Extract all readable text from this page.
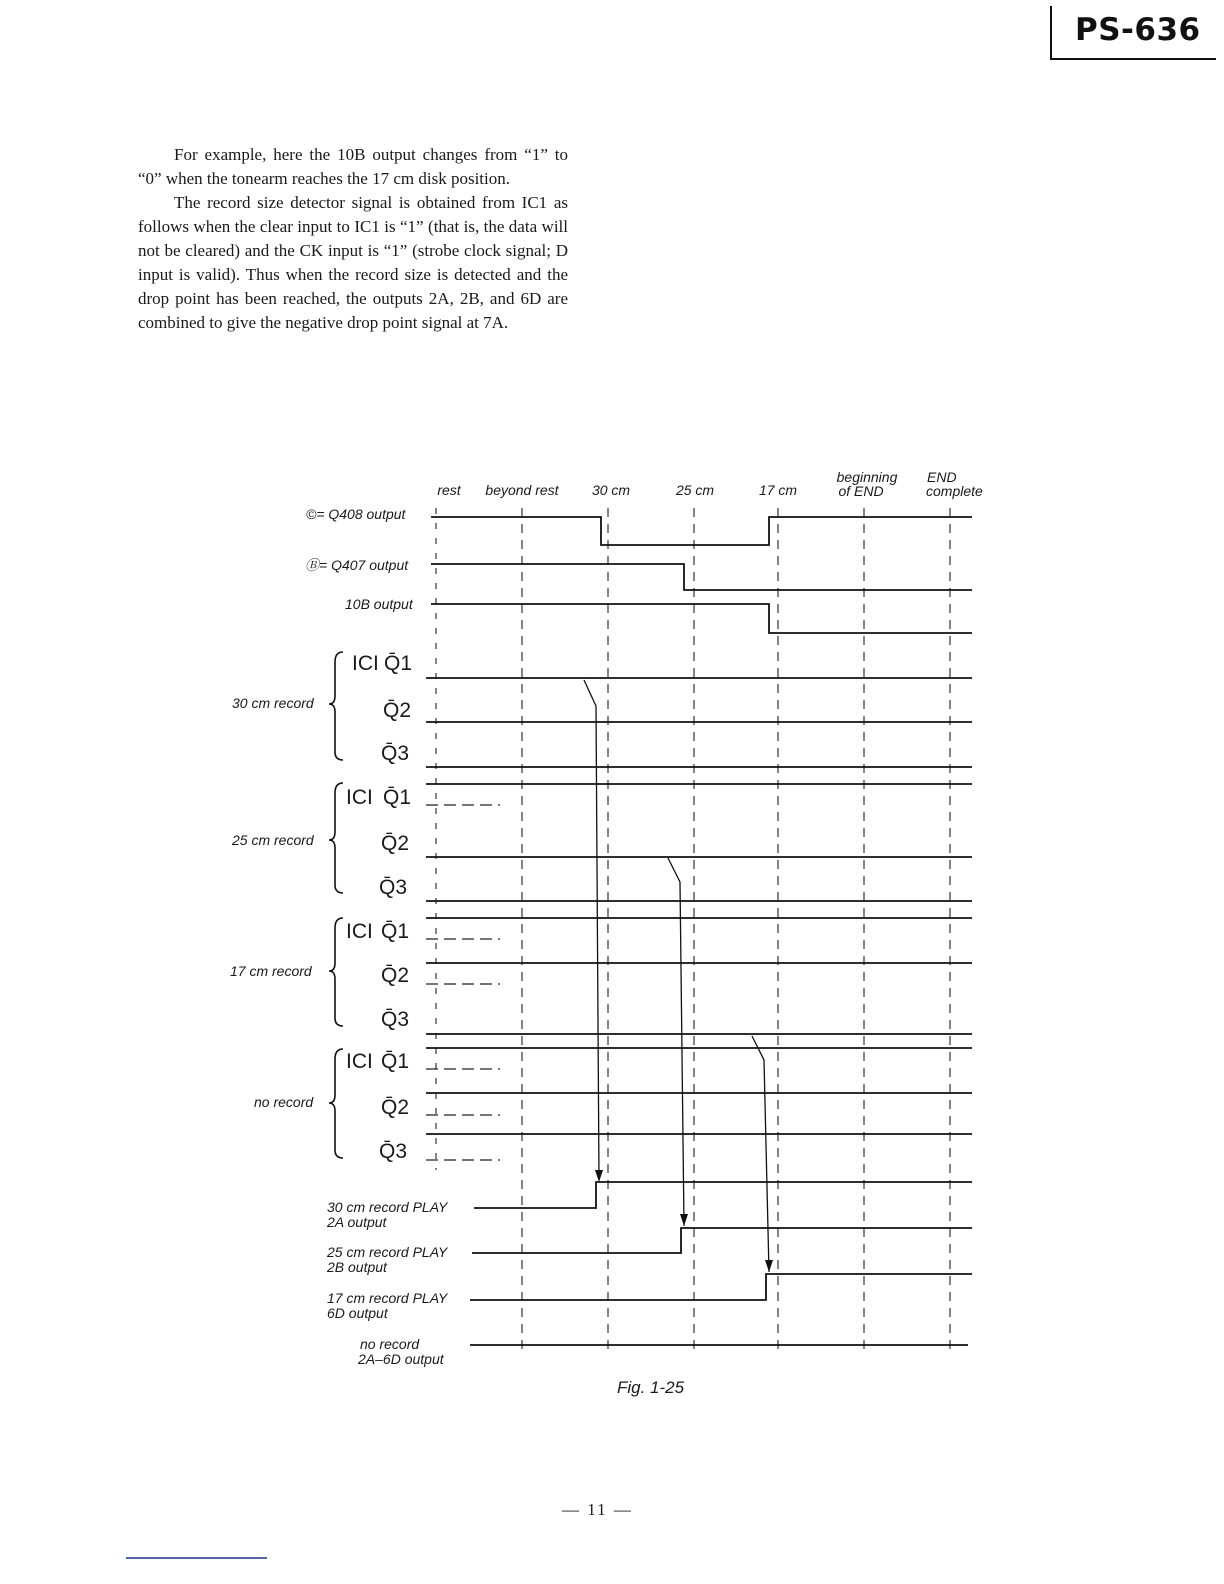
PS-636

For example, here the 10B output changes from “1” to “0” when the tonearm reaches the 17 cm disk position.

The record size detector signal is obtained from IC1 as follows when the clear input to IC1 is “1” (that is, the data will not be cleared) and the CK input is “1” (strobe clock signal; D input is valid). Thus when the record size is detected and the drop point has been reached, the outputs 2A, 2B, and 6D are combined to give the negative drop point signal at 7A.

rest beyond rest 30 cm	25 cm	17 cm
beginning of END
END complete
©= Q408 output
Ⓑ= Q407 output
10B output
30 cm record
ICI Q̄1
Q̄2
Q̄3
25 cm record
ICI Q̄1
Q̄2
Q̄3
17 cm record
ICI Q̄1
Q̄2
Q̄3
no record
ICI Q̄1
Q̄2
Q̄3
30 cm record PLAY 2A output
25 cm record PLAY 2B output
17 cm record PLAY 6D output
no record 2A–6D output
Fig. 1-25
— 11 —
